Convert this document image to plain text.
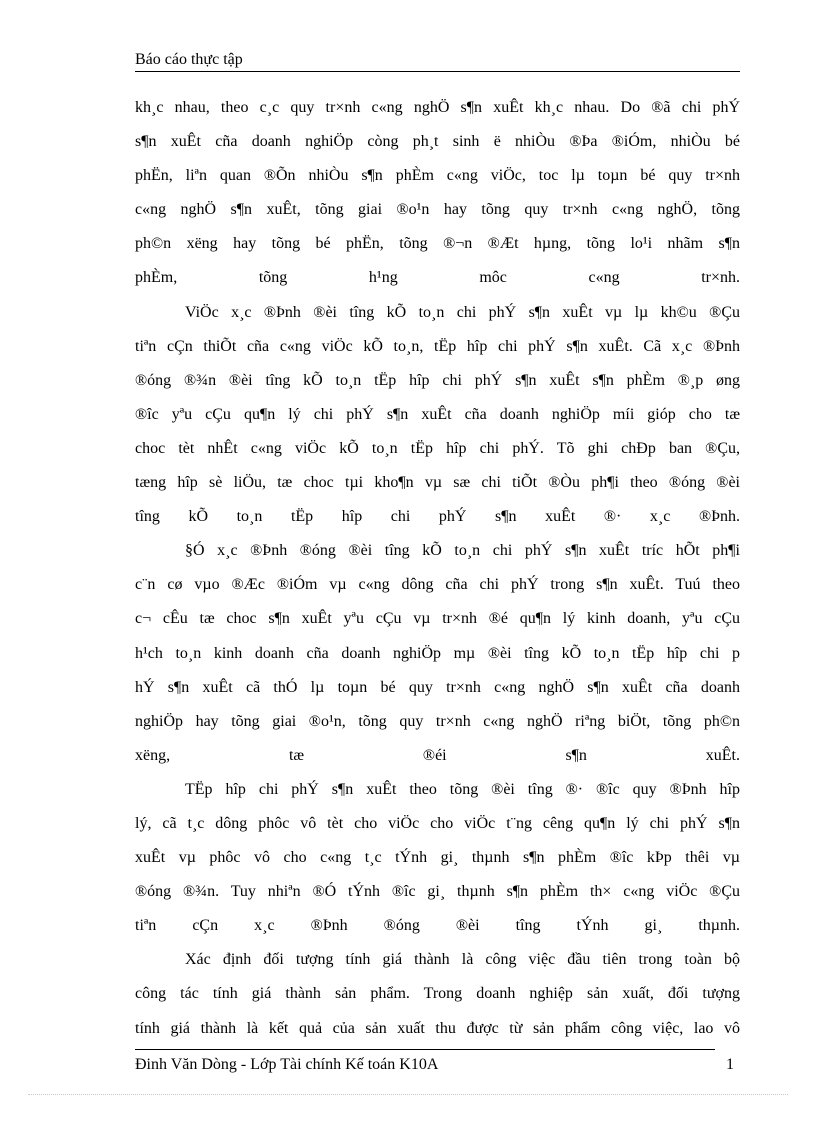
Báo cáo thực tập
kh¸c nhau, theo c¸c quy tr×nh c«ng nghÖ s¶n xuÊt kh¸c nhau. Do ®ã chi phÝ
s¶n xuÊt cña doanh nghiÖp còng ph¸t sinh ë nhiÒu ®Þa ®iÓm, nhiÒu bé
phËn, liªn quan ®Õn nhiÒu s¶n phÈm c«ng viÖc, toc lµ toµn bé quy tr×nh
c«ng nghÖ s¶n xuÊt, tõng giai ®o¹n hay tõng quy tr×nh c«ng nghÖ, tõng
ph©n xëng hay tõng bé phËn, tõng ®¬n ®Æt hµng, tõng lo¹i nhãm s¶n
phÈm, tõng h¹ng môc c«ng tr×nh.
ViÖc x¸c ®Þnh ®èi tîng kÕ to¸n chi phÝ s¶n xuÊt vµ lµ kh©u ®Çu
tiªn cÇn thiÕt cña c«ng viÖc kÕ to¸n, tËp hîp chi phÝ s¶n xuÊt. Cã x¸c ®Þnh
®óng ®¾n ®èi tîng kÕ to¸n tËp hîp chi phÝ s¶n xuÊt s¶n phÈm ®¸p øng
®îc yªu cÇu qu¶n lý chi phÝ s¶n xuÊt cña doanh nghiÖp míi gióp cho tæ
choc tèt nhÊt c«ng viÖc kÕ to¸n tËp hîp chi phÝ. Tõ ghi chÐp ban ®Çu,
tæng hîp sè liÖu, tæ choc tµi kho¶n vµ sæ chi tiÕt ®Òu ph¶i theo ®óng ®èi
tîng kÕ to¸n tËp hîp chi phÝ s¶n xuÊt ®· x¸c ®Þnh.
§Ó x¸c ®Þnh ®óng ®èi tîng kÕ to¸n chi phÝ s¶n xuÊt tríc hÕt ph¶i
c¨n cø vµo ®Æc ®iÓm vµ c«ng dông cña chi phÝ trong s¶n xuÊt. Tuú theo
c¬ cÊu tæ choc s¶n xuÊt yªu cÇu vµ tr×nh ®é qu¶n lý kinh doanh, yªu cÇu
h¹ch to¸n kinh doanh cña doanh nghiÖp mµ ®èi tîng kÕ to¸n tËp hîp chi p
hÝ s¶n xuÊt cã thÓ lµ toµn bé quy tr×nh c«ng nghÖ s¶n xuÊt cña doanh
nghiÖp hay tõng giai ®o¹n, tõng quy tr×nh c«ng nghÖ riªng biÖt, tõng ph©n
xëng, tæ ®éi s¶n xuÊt.
TËp hîp chi phÝ s¶n xuÊt theo tõng ®èi tîng ®· ®îc quy ®Þnh hîp
lý, cã t¸c dông phôc vô tèt cho viÖc cho viÖc t¨ng cêng qu¶n lý chi phÝ s¶n
xuÊt vµ phôc vô cho c«ng t¸c tÝnh gi¸ thµnh s¶n phÈm ®îc kÞp thêi vµ
®óng ®¾n. Tuy nhiªn ®Ó tÝnh ®îc gi¸ thµnh s¶n phÈm th× c«ng viÖc ®Çu
tiªn cÇn x¸c ®Þnh ®óng ®èi tîng tÝnh gi¸ thµnh.
Xác định đối tượng tính giá thành là công việc đầu tiên trong toàn bộ
công tác tính giá thành sản phẩm. Trong doanh nghiệp sản xuất, đối tượng
tính giá thành là kết quả của sản xuất thu được từ sản phẩm công việc, lao vô
Đinh Văn Dòng - Lớp Tài chính Kế toán K10A	1
